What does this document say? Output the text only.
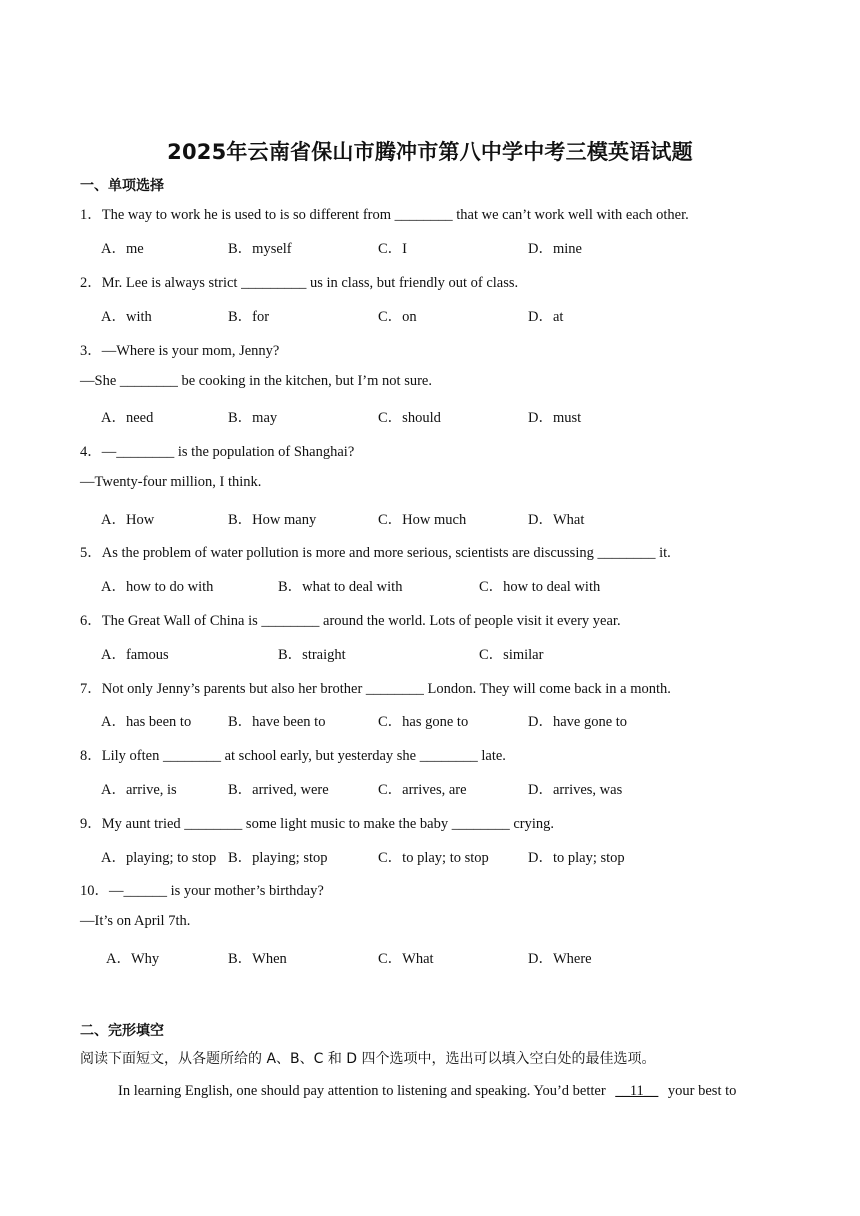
2025年云南省保山市腾冲市第八中学中考三模英语试题
一、单项选择
1．The way to work he is used to is so different from ________ that we can’t work well with each other.
A．me	B．myself	C．I	D．mine
2．Mr. Lee is always strict _________ us in class, but friendly out of class.
A．with	B．for	C．on	D．at
3．—Where is your mom, Jenny?
—She ________ be cooking in the kitchen, but I’m not sure.
A．need	B．may	C．should	D．must
4．—________ is the population of Shanghai?
—Twenty-four million, I think.
A．How	B．How many	C．How much	D．What
5．As the problem of water pollution is more and more serious, scientists are discussing ________ it.
A．how to do with	B．what to deal with	C．how to deal with
6．The Great Wall of China is ________ around the world. Lots of people visit it every year.
A．famous	B．straight	C．similar
7．Not only Jenny’s parents but also her brother ________ London. They will come back in a month.
A．has been to	B．have been to	C．has gone to	D．have gone to
8．Lily often ________ at school early, but yesterday she ________ late.
A．arrive, is	B．arrived, were	C．arrives, are	D．arrives, was
9．My aunt tried ________ some light music to make the baby ________ crying.
A．playing; to stop B．playing; stop	C．to play; to stop	D．to play; stop
10．—______ is your mother’s birthday?
—It’s on April 7th.
A．Why	B．When	C．What	D．Where
二、完形填空
阅读下面短文，从各题所给的 A、B、C 和 D 四个选项中，选出可以填入空白处的最佳选项。
In learning English, one should pay attention to listening and speaking. You’d better __11__ your best to
